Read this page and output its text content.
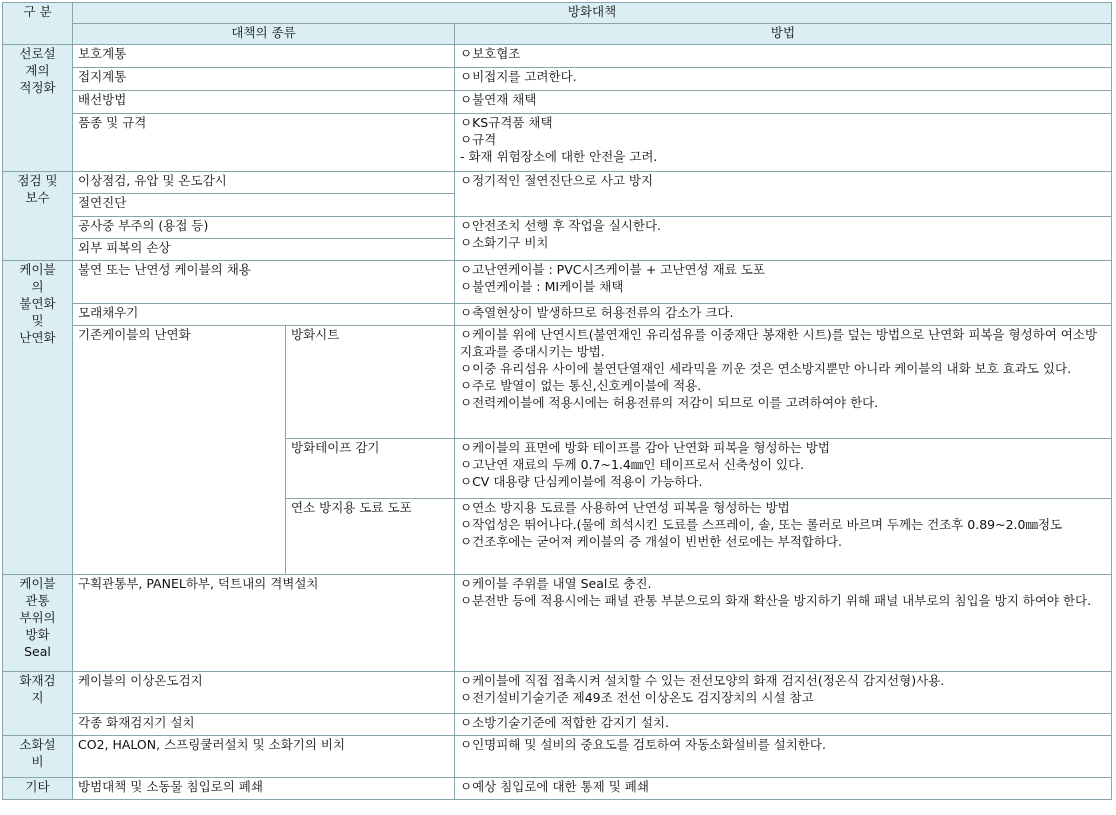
구 분	방화대책		
	대책의 종류		방법

선로설
계의
적정화	보호계통		ㅇ보호협조

	접지계통		ㅇ비접지를 고려한다.

	배선방법		ㅇ불연재 채택

	품종 및 규격		ㅇKS규격품 채택
ㅇ규격
- 화재 위험장소에 대한 안전을 고려.

점검 및
보수	이상점검, 유압 및 온도감시		ㅇ정기적인 절연진단으로 사고 방지

	절연진단		
	공사중 부주의 (용접 등)		ㅇ안전조치 선행 후 작업을 실시한다.
ㅇ소화기구 비치

	외부 피복의 손상		

케이블
의
불연화
및
난연화	불연 또는 난연성 케이블의 채용		ㅇ고난연케이블 : PVC시즈케이블 + 고난연성 재료 도포
ㅇ불연케이블 : MI케이블 채택

	모래채우기		ㅇ축열현상이 발생하므로 허용전류의 감소가 크다.

	기존케이블의 난연화	방화시트	ㅇ케이블 위에 난연시트(불연재인 유리섬유를 이중재단 봉재한 시트)를 덮는 방법으로 난연화 피복을 형성하여 여소방지효과를 증대시키는 방법.
ㅇ이중 유리섬유 사이에 불연단열재인 세라믹을 끼운 것은 연소방지뿐만 아니라 케이블의 내화 보호 효과도 있다.
ㅇ주로 발열이 없는 통신,신호케이블에 적용.
ㅇ전력케이블에 적용시에는 허용전류의 저감이 되므로 이를 고려하여야 한다.

		방화테이프 감기	ㅇ케이블의 표면에 방화 테이프를 감아 난연화 피복을 형성하는 방법
ㅇ고난연 재료의 두께 0.7~1.4㎜인 테이프로서 신축성이 있다.
ㅇCV 대용량 단심케이블에 적용이 가능하다.

		연소 방지용 도료 도포	ㅇ연소 방지용 도료를 사용하여 난연성 피복을 형성하는 방법
ㅇ작업성은 뛰어나다.(물에 희석시킨 도료를 스프레이, 솔, 또는 롤러로 바르며 두께는 건조후 0.89~2.0㎜정도
ㅇ건조후에는 굳어져 케이블의 증 개설이 빈번한 선로에는 부적합하다.

케이블
관통
부위의
방화
Seal	구획관통부, PANEL하부, 덕트내의 격벽설치		ㅇ케이블 주위를 내열 Seal로 충진.
ㅇ분전반 등에 적용시에는 패널 관통 부분으로의 화재 확산을 방지하기 위해 패널 내부로의 침입을 방지 하여야 한다.

화재검
지	케이블의 이상온도검지		ㅇ케이블에 직접 접촉시켜 설치할 수 있는 전선모양의 화재 검지선(정온식 감지선형)사용.
ㅇ전기설비기술기준 제49조 전선 이상온도 검지장치의 시설 참고

	각종 화재검지기 설치		ㅇ소방기술기준에 적합한 감지기 설치.

소화설
비	CO2, HALON, 스프링쿨러설치 및 소화기의 비치		ㅇ인명피해 및 설비의 중요도를 검토하여 자동소화설비를 설치한다.

기타	방범대책 및 소동물 침입로의 폐쇄		ㅇ예상 침입로에 대한 통제 및 폐쇄
